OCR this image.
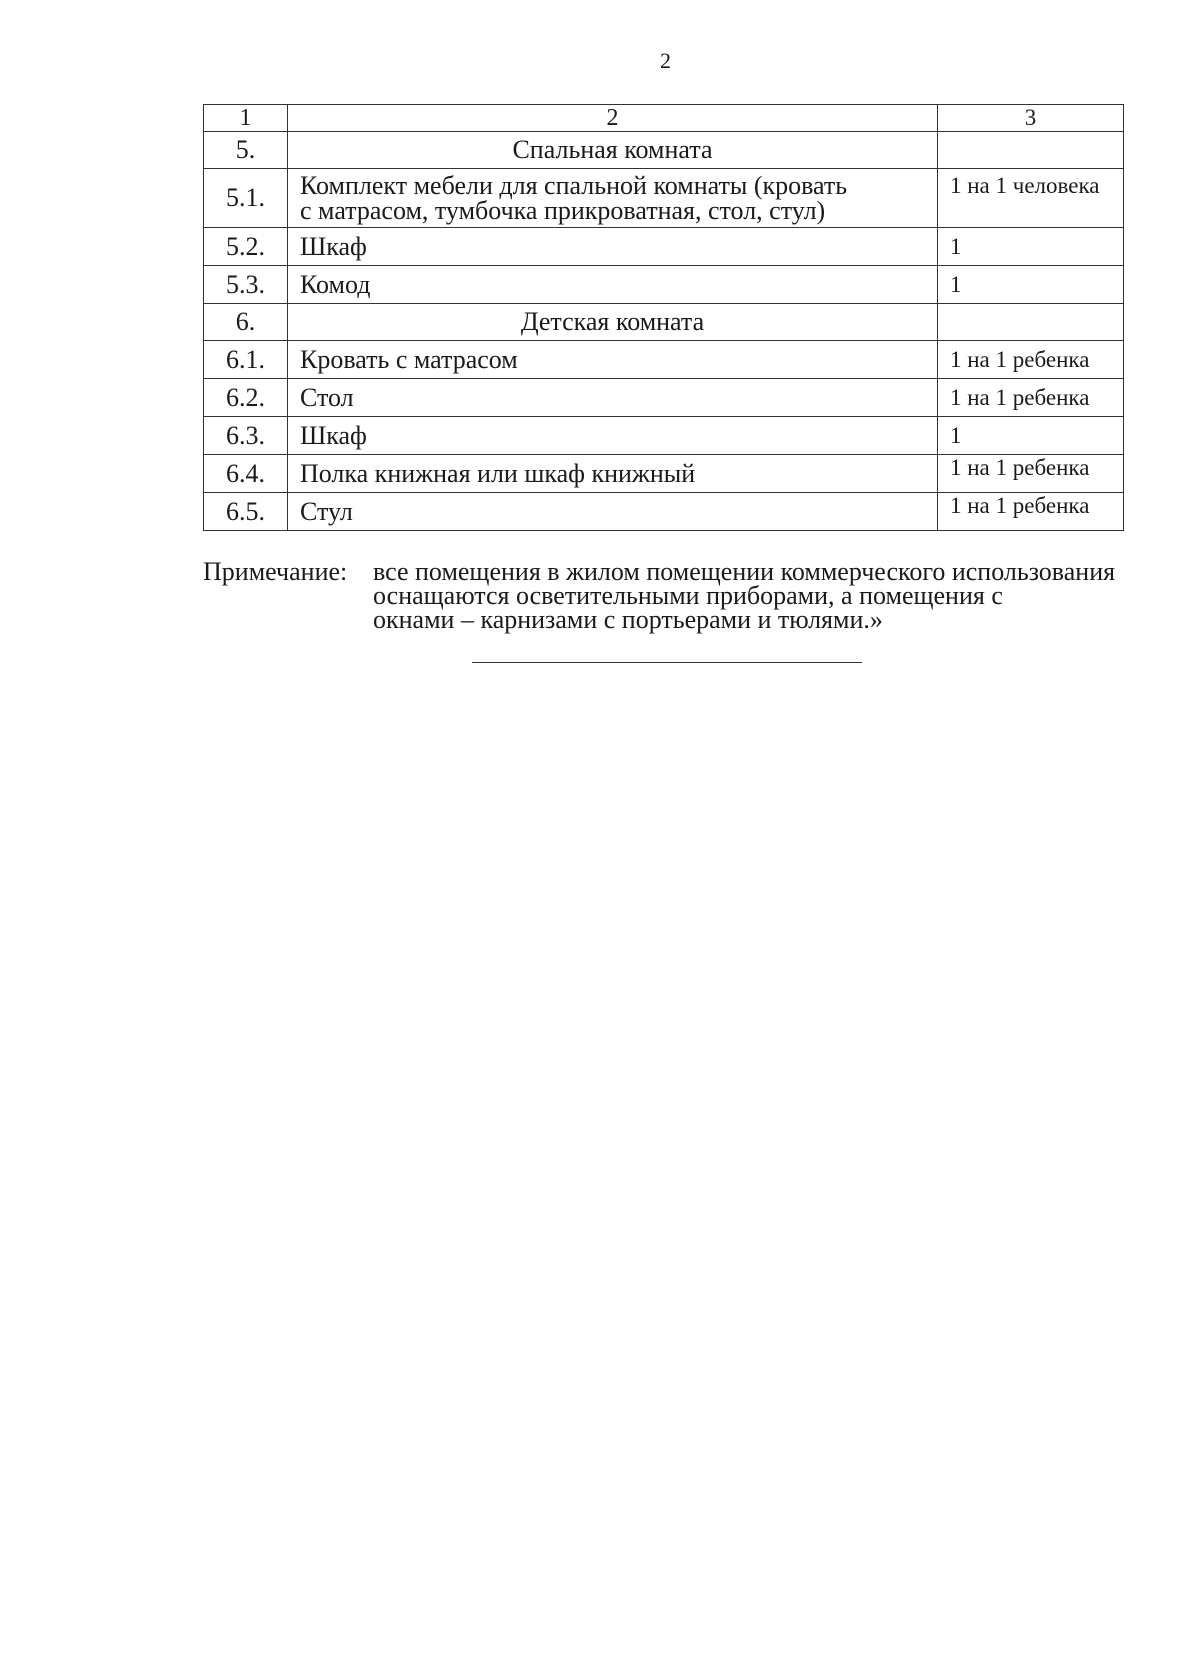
2
1	2	3
5.	Спальная комната	
5.1.	Комплект мебели для спальной комнаты (кровать
с матрасом, тумбочка прикроватная, стол, стул)	1 на 1 человека
5.2.	Шкаф	1
5.3.	Комод	1
6.	Детская комната	
6.1.	Кровать с матрасом	1 на 1 ребенка
6.2.	Стол	1 на 1 ребенка
6.3.	Шкаф	1
6.4.	Полка книжная или шкаф книжный	1 на 1 ребенка
6.5.	Стул	1 на 1 ребенка
Примечание: все помещения в жилом помещении коммерческого использования
оснащаются осветительными приборами, а помещения с
окнами – карнизами с портьерами и тюлями.»
